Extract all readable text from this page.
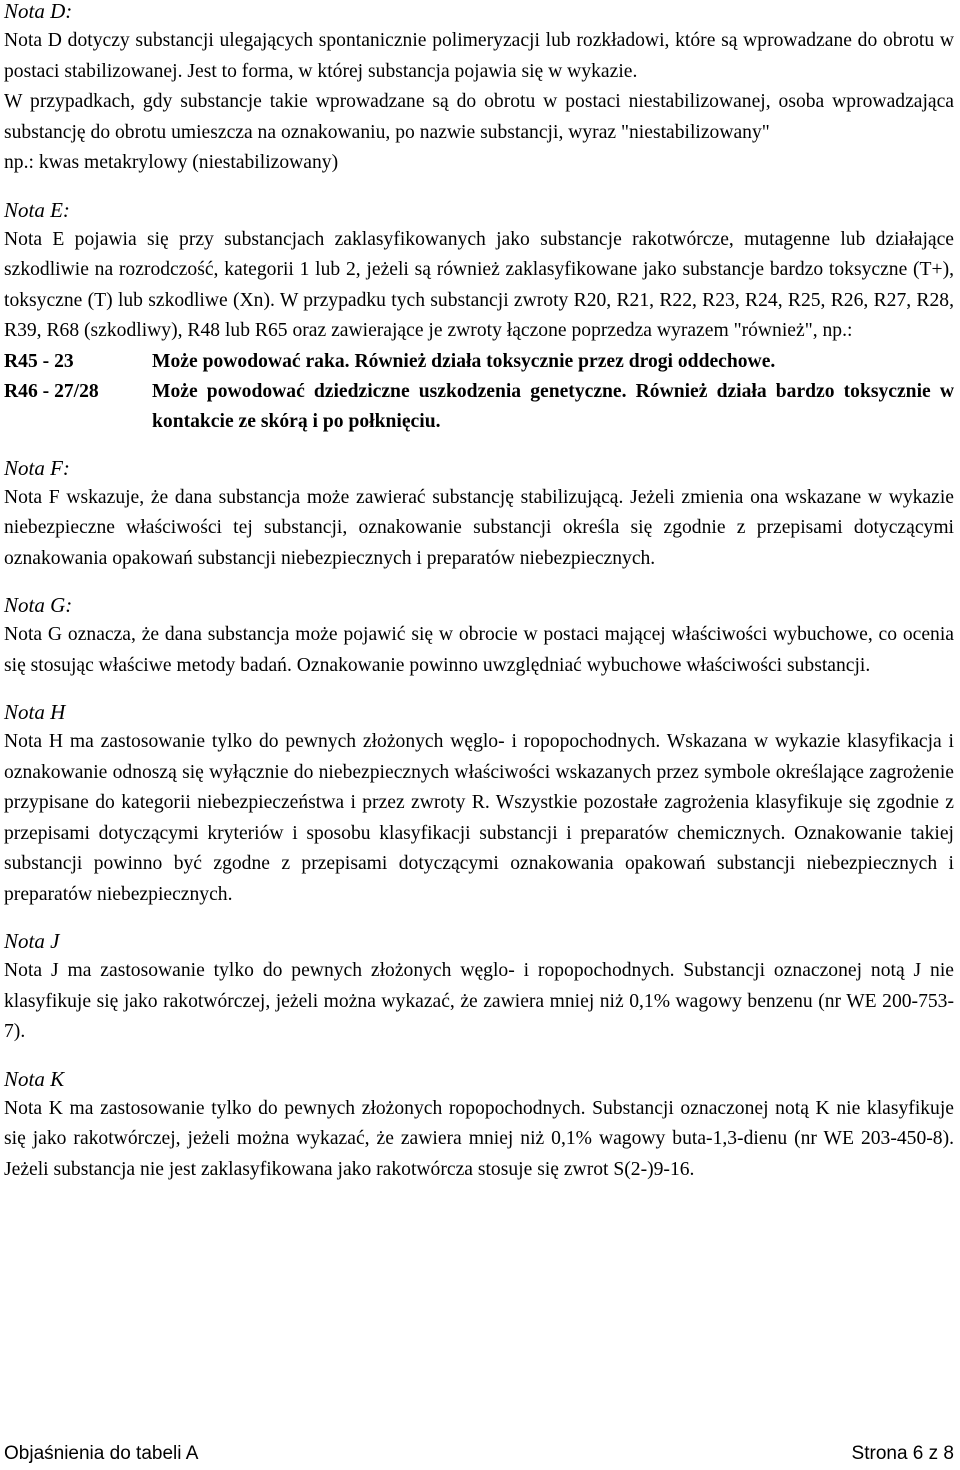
Nota D:

Nota D dotyczy substancji ulegających spontanicznie polimeryzacji lub rozkładowi, które są wprowadzane do obrotu w postaci stabilizowanej. Jest to forma, w której substancja pojawia się w wykazie.

W przypadkach, gdy substancje takie wprowadzane są do obrotu w postaci niestabilizowanej, osoba wprowadzająca substancję do obrotu umieszcza na oznakowaniu, po nazwie substancji, wyraz "niestabilizowany"

np.: kwas metakrylowy (niestabilizowany)

Nota E:

Nota E pojawia się przy substancjach zaklasyfikowanych jako substancje rakotwórcze, mutagenne lub działające szkodliwie na rozrodczość, kategorii 1 lub 2, jeżeli są również zaklasyfikowane jako substancje bardzo toksyczne (T+), toksyczne (T) lub szkodliwe (Xn). W przypadku tych substancji zwroty R20, R21, R22, R23, R24, R25, R26, R27, R28, R39, R68 (szkodliwy), R48 lub R65 oraz zawierające je zwroty łączone poprzedza wyrazem "również", np.:

R45 - 23	Może powodować raka. Również działa toksycznie przez drogi oddechowe.
R46 - 27/28	Może powodować dziedziczne uszkodzenia genetyczne. Również działa bardzo toksycznie w kontakcie ze skórą i po połknięciu.

Nota F:

Nota F wskazuje, że dana substancja może zawierać substancję stabilizującą. Jeżeli zmienia ona wskazane w wykazie niebezpieczne właściwości tej substancji, oznakowanie substancji określa się zgodnie z przepisami dotyczącymi oznakowania opakowań substancji niebezpiecznych i preparatów niebezpiecznych.

Nota G:

Nota G oznacza, że dana substancja może pojawić się w obrocie w postaci mającej właściwości wybuchowe, co ocenia się stosując właściwe metody badań. Oznakowanie powinno uwzględniać wybuchowe właściwości substancji.

Nota H

Nota H ma zastosowanie tylko do pewnych złożonych węglo- i ropopochodnych. Wskazana w wykazie klasyfikacja i oznakowanie odnoszą się wyłącznie do niebezpiecznych właściwości wskazanych przez symbole określające zagrożenie przypisane do kategorii niebezpieczeństwa i przez zwroty R. Wszystkie pozostałe zagrożenia klasyfikuje się zgodnie z przepisami dotyczącymi kryteriów i sposobu klasyfikacji substancji i preparatów chemicznych. Oznakowanie takiej substancji powinno być zgodne z przepisami dotyczącymi oznakowania opakowań substancji niebezpiecznych i preparatów niebezpiecznych.

Nota J

Nota J ma zastosowanie tylko do pewnych złożonych węglo- i ropopochodnych. Substancji oznaczonej notą J nie klasyfikuje się jako rakotwórczej, jeżeli można wykazać, że zawiera mniej niż 0,1% wagowy benzenu (nr WE 200-753-7).

Nota K

Nota K ma zastosowanie tylko do pewnych złożonych ropopochodnych. Substancji oznaczonej notą K nie klasyfikuje się jako rakotwórczej, jeżeli można wykazać, że zawiera mniej niż 0,1% wagowy buta-1,3-dienu (nr WE 203-450-8). Jeżeli substancja nie jest zaklasyfikowana jako rakotwórcza stosuje się zwrot S(2-)9-16.

Objaśnienia do tabeli A	Strona 6 z 8
